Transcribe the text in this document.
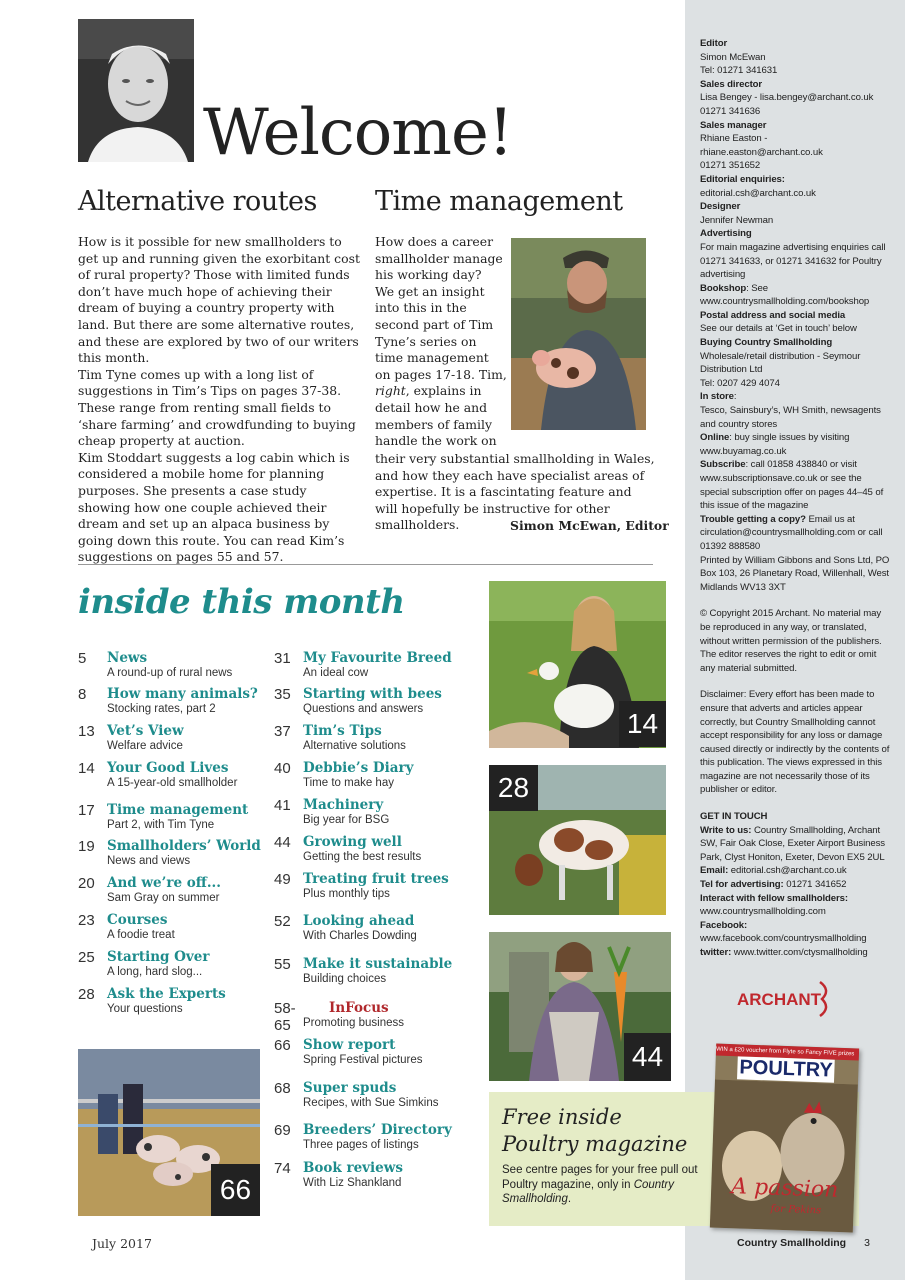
Editor
Simon McEwan
Tel: 01271 341631
Sales director
Lisa Bengey - lisa.bengey@archant.co.uk
01271 341636
Sales manager
Rhiane Easton - rhiane.easton@archant.co.uk
01271 351652
Editorial enquiries:
editorial.csh@archant.co.uk
Designer
Jennifer Newman
Advertising
For main magazine advertising enquiries call 01271 341633, or 01271 341632 for Poultry advertising
Bookshop: See www.countrysmallholding.com/bookshop
Postal address and social media
See our details at ‘Get in touch’ below
Buying Country Smallholding
Wholesale/retail distribution - Seymour Distribution Ltd
Tel: 0207 429 4074
In store:
Tesco, Sainsbury’s, WH Smith, newsagents and country stores
Online: buy single issues by visiting www.buyamag.co.uk
Subscribe: call 01858 438840 or visit www.subscriptionsave.co.uk or see the special subscription offer on pages 44–45 of this issue of the magazine
Trouble getting a copy? Email us at circulation@countrysmallholding.com or call 01392 888580
Printed by William Gibbons and Sons Ltd, PO Box 103, 26 Planetary Road, Willenhall, West Midlands WV13 3XT
© Copyright 2015 Archant. No material may be reproduced in any way, or translated, without written permission of the publishers. The editor reserves the right to edit or omit any material submitted.
Disclaimer: Every effort has been made to ensure that adverts and articles appear correctly, but Country Smallholding cannot accept responsibility for any loss or damage caused directly or indirectly by the contents of this publication. The views expressed in this magazine are not necessarily those of its publisher or editor.
GET IN TOUCH
Write to us: Country Smallholding, Archant SW, Fair Oak Close, Exeter Airport Business Park, Clyst Honiton, Exeter, Devon EX5 2UL
Email: editorial.csh@archant.co.uk
Tel for advertising: 01271 341652
Interact with fellow smallholders: www.countrysmallholding.com
Facebook: www.facebook.com/countrysmallholding
twitter: www.twitter.com/ctysmallholding
ARCHANT
Welcome!
Alternative routes

How is it possible for new smallholders to get up and running given the exorbitant cost of rural property? Those with limited funds don’t have much hope of achieving their dream of buying a country property with land. But there are some alternative routes, and these are explored by two of our writers this month.

Tim Tyne comes up with a long list of suggestions in Tim’s Tips on pages 37-38. These range from renting small fields to ‘share farming’ and crowdfunding to buying cheap property at auction.

Kim Stoddart suggests a log cabin which is considered a mobile home for planning purposes. She presents a case study showing how one couple achieved their dream and set up an alpaca business by going down this route. You can read Kim’s suggestions on pages 55 and 57.

Time management
How does a career
smallholder manage
his working day?
We get an insight
into this in the
second part of Tim
Tyne’s series on
time management
on pages 17-18. Tim,
right, explains in
detail how he and
members of family
handle the work on

their very substantial smallholding in Wales, and how they each have specialist areas of expertise. It is a fascintating feature and will hopefully be instructive for other smallholders.	Simon McEwan, Editor
inside this month
5 News
A round-up of rural news
8 How many animals?
Stocking rates, part 2
13 Vet’s View
Welfare advice
14 Your Good Lives
A 15-year-old smallholder
17 Time management
Part 2, with Tim Tyne
19 Smallholders’ World
News and views
20 And we’re off...
Sam Gray on summer
23 Courses
A foodie treat
25 Starting Over
A long, hard slog...
28 Ask the Experts
Your questions
31 My Favourite Breed
An ideal cow
35 Starting with bees
Questions and answers
37 Tim’s Tips
Alternative solutions
40 Debbie’s Diary
Time to make hay
41 Machinery
Big year for BSG
44 Growing well
Getting the best results
49 Treating fruit trees
Plus monthly tips
52 Looking ahead
With Charles Dowding
55 Make it sustainable
Building choices
58-65
InFocus
Promoting business
66 Show report
Spring Festival pictures
68 Super spuds
Recipes, with Sue Simkins
69 Breeders’ Directory
Three pages of listings
74 Book reviews
With Liz Shankland
14
28
44
66
Free inside
Poultry magazine
See centre pages for your free pull out Poultry magazine, only in Country Smallholding.
WIN a £20 voucher from Flyte so Fancy FIVE prizes
POULTRY
A passion
for Pekins
July 2017	Country Smallholding 3
